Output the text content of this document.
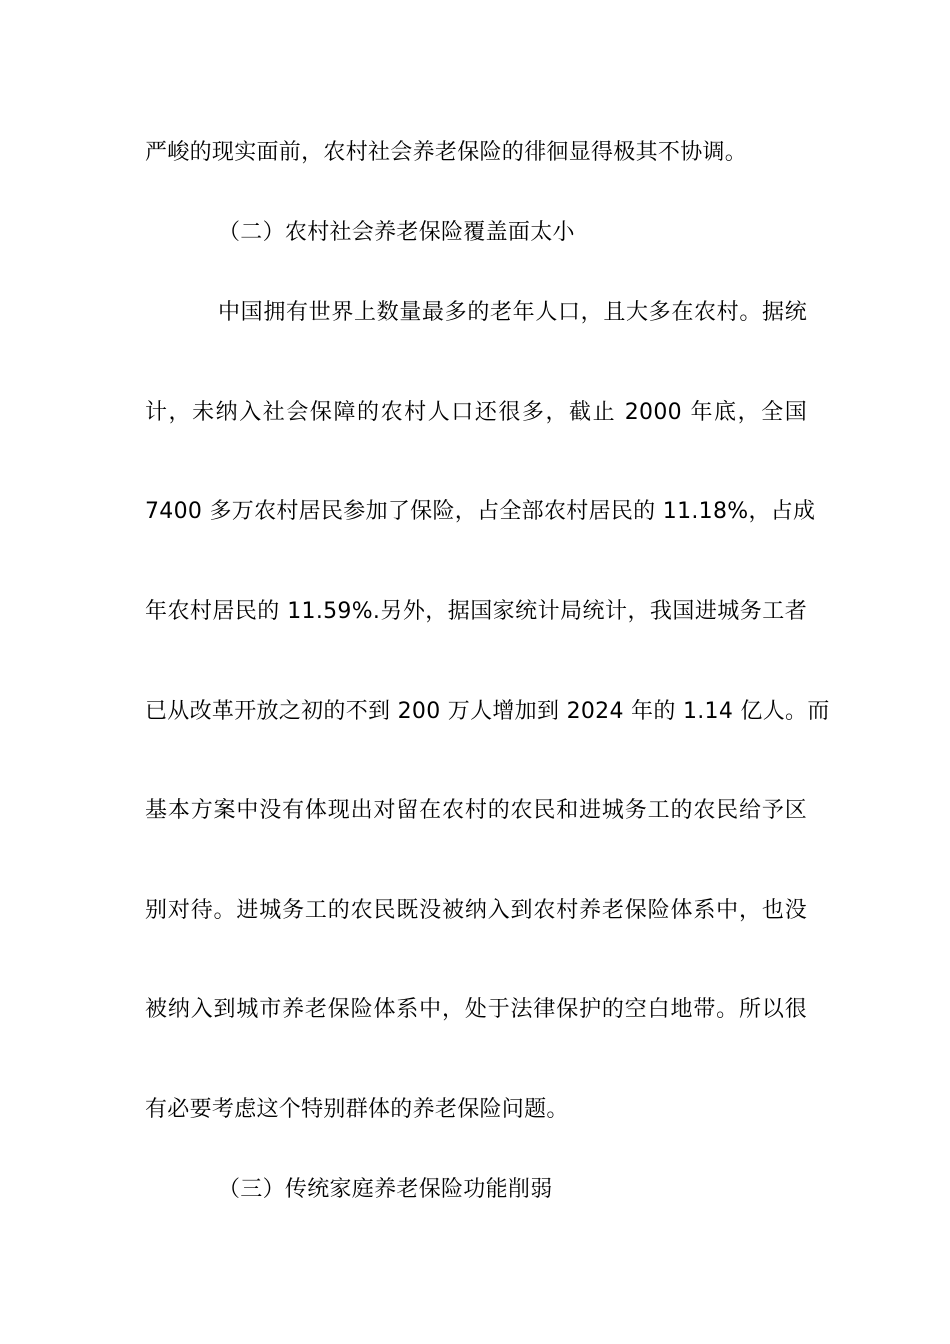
严峻的现实面前，农村社会养老保险的徘徊显得极其不协调。
（二）农村社会养老保险覆盖面太小
中国拥有世界上数量最多的老年人口，且大多在农村。据统
计，未纳入社会保障的农村人口还很多，截止 2000 年底，全国
7400 多万农村居民参加了保险，占全部农村居民的 11.18%，占成
年农村居民的 11.59%.另外，据国家统计局统计，我国进城务工者
已从改革开放之初的不到 200 万人增加到 2024 年的 1.14 亿人。而
基本方案中没有体现出对留在农村的农民和进城务工的农民给予区
别对待。进城务工的农民既没被纳入到农村养老保险体系中，也没
被纳入到城市养老保险体系中，处于法律保护的空白地带。所以很
有必要考虑这个特别群体的养老保险问题。
（三）传统家庭养老保险功能削弱
